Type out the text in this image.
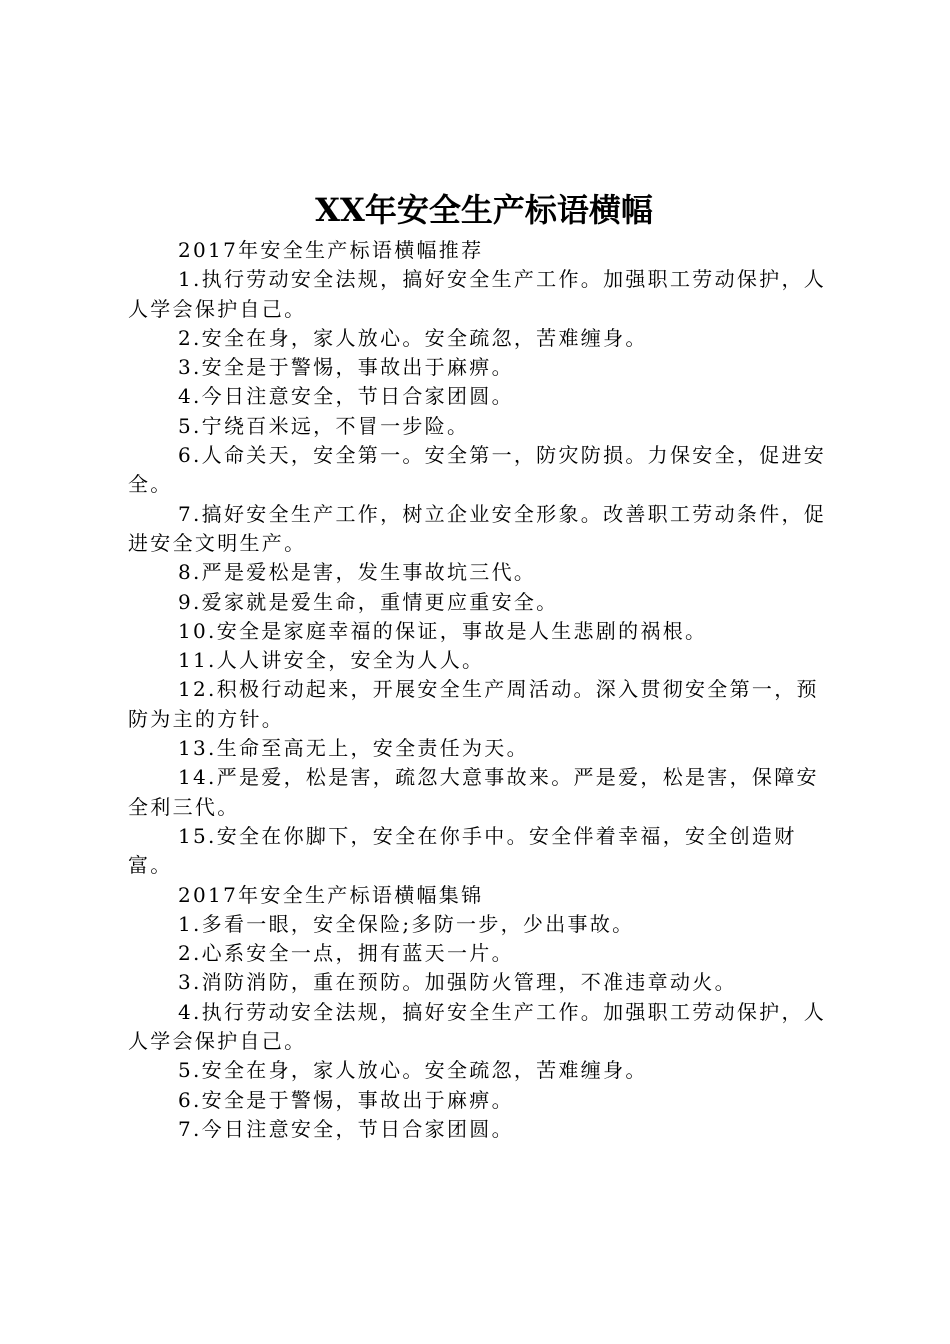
XX年安全生产标语横幅

2017年安全生产标语横幅推荐

1.执行劳动安全法规，搞好安全生产工作。加强职工劳动保护，人人学会保护自己。

2.安全在身，家人放心。安全疏忽，苦难缠身。

3.安全是于警惕，事故出于麻痹。

4.今日注意安全，节日合家团圆。

5.宁绕百米远，不冒一步险。

6.人命关天，安全第一。安全第一，防灾防损。力保安全，促进安全。

7.搞好安全生产工作，树立企业安全形象。改善职工劳动条件，促进安全文明生产。

8.严是爱松是害，发生事故坑三代。

9.爱家就是爱生命，重情更应重安全。

10.安全是家庭幸福的保证，事故是人生悲剧的祸根。

11.人人讲安全，安全为人人。

12.积极行动起来，开展安全生产周活动。深入贯彻安全第一，预防为主的方针。

13.生命至高无上，安全责任为天。

14.严是爱，松是害，疏忽大意事故来。严是爱，松是害，保障安全利三代。

15.安全在你脚下，安全在你手中。安全伴着幸福，安全创造财富。

2017年安全生产标语横幅集锦

1.多看一眼，安全保险;多防一步，少出事故。

2.心系安全一点，拥有蓝天一片。

3.消防消防，重在预防。加强防火管理，不准违章动火。

4.执行劳动安全法规，搞好安全生产工作。加强职工劳动保护，人人学会保护自己。

5.安全在身，家人放心。安全疏忽，苦难缠身。

6.安全是于警惕，事故出于麻痹。

7.今日注意安全，节日合家团圆。
